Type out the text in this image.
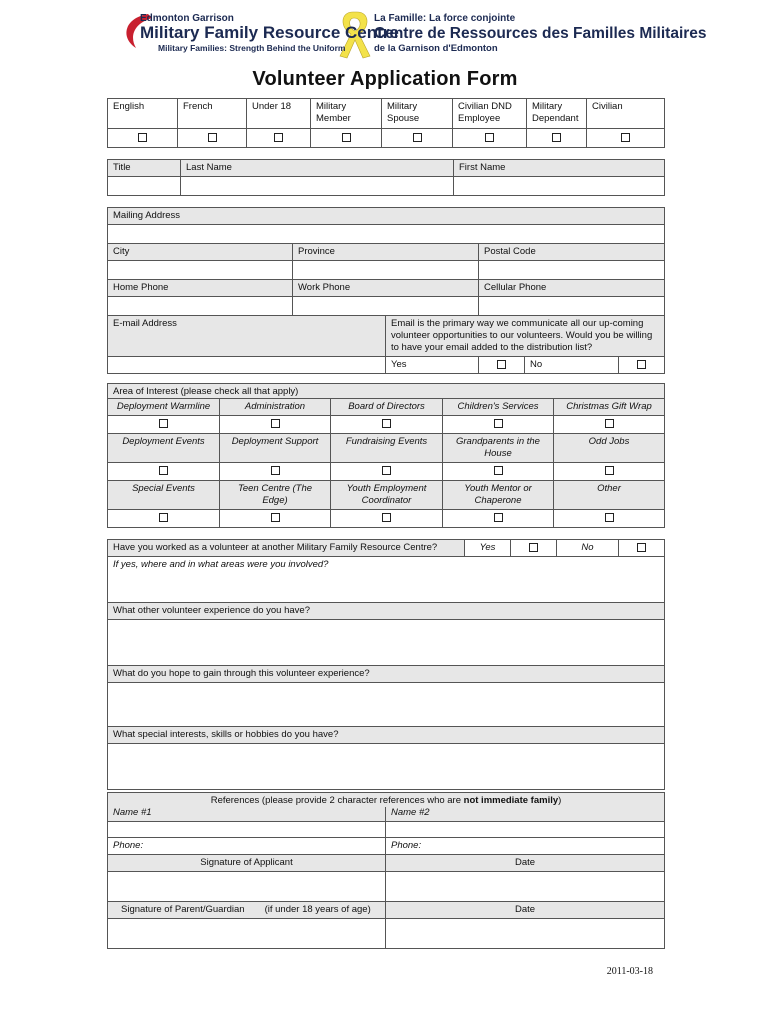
Edmonton Garrison
Military Family Resource Centre
Military Families: Strength Behind the Uniform
La Famille: La force conjointe
Centre de Ressources des Familles Militaires
de la Garnison d'Edmonton
Volunteer Application Form
English	French	Under 18	Military Member	Military Spouse	Civilian DND Employee	Military Dependant	Civilian

Title	Last Name	First Name

Mailing Address					

City	Province		Postal Code		

Home Phone	Work Phone		Cellular Phone		

E-mail Address		Email is the primary way we communicate all our up-coming volunteer opportunities to our volunteers. Would you be willing to have your email added to the distribution list?			
		Yes		No	
Area of Interest (please check all that apply)				
Deployment Warmline	Administration	Board of Directors	Children's Services	Christmas Gift Wrap

Deployment Events	Deployment Support	Fundraising Events	Grandparents in the House	Odd Jobs

Special Events	Teen Centre (The Edge)	Youth Employment Coordinator	Youth Mentor or Chaperone	Other

Have you worked as a volunteer at another Military Family Resource Centre?	Yes		No	
If yes, where and in what areas were you involved?
What other volunteer experience do you have?

What do you hope to gain through this volunteer experience?

What special interests, skills or hobbies do you have?

References (please provide 2 character references who are not immediate family)	
Name #1	Name #2

Phone:	Phone:
Signature of Applicant	Date

Signature of Parent/Guardian (if under 18 years of age)	Date

2011-03-18
